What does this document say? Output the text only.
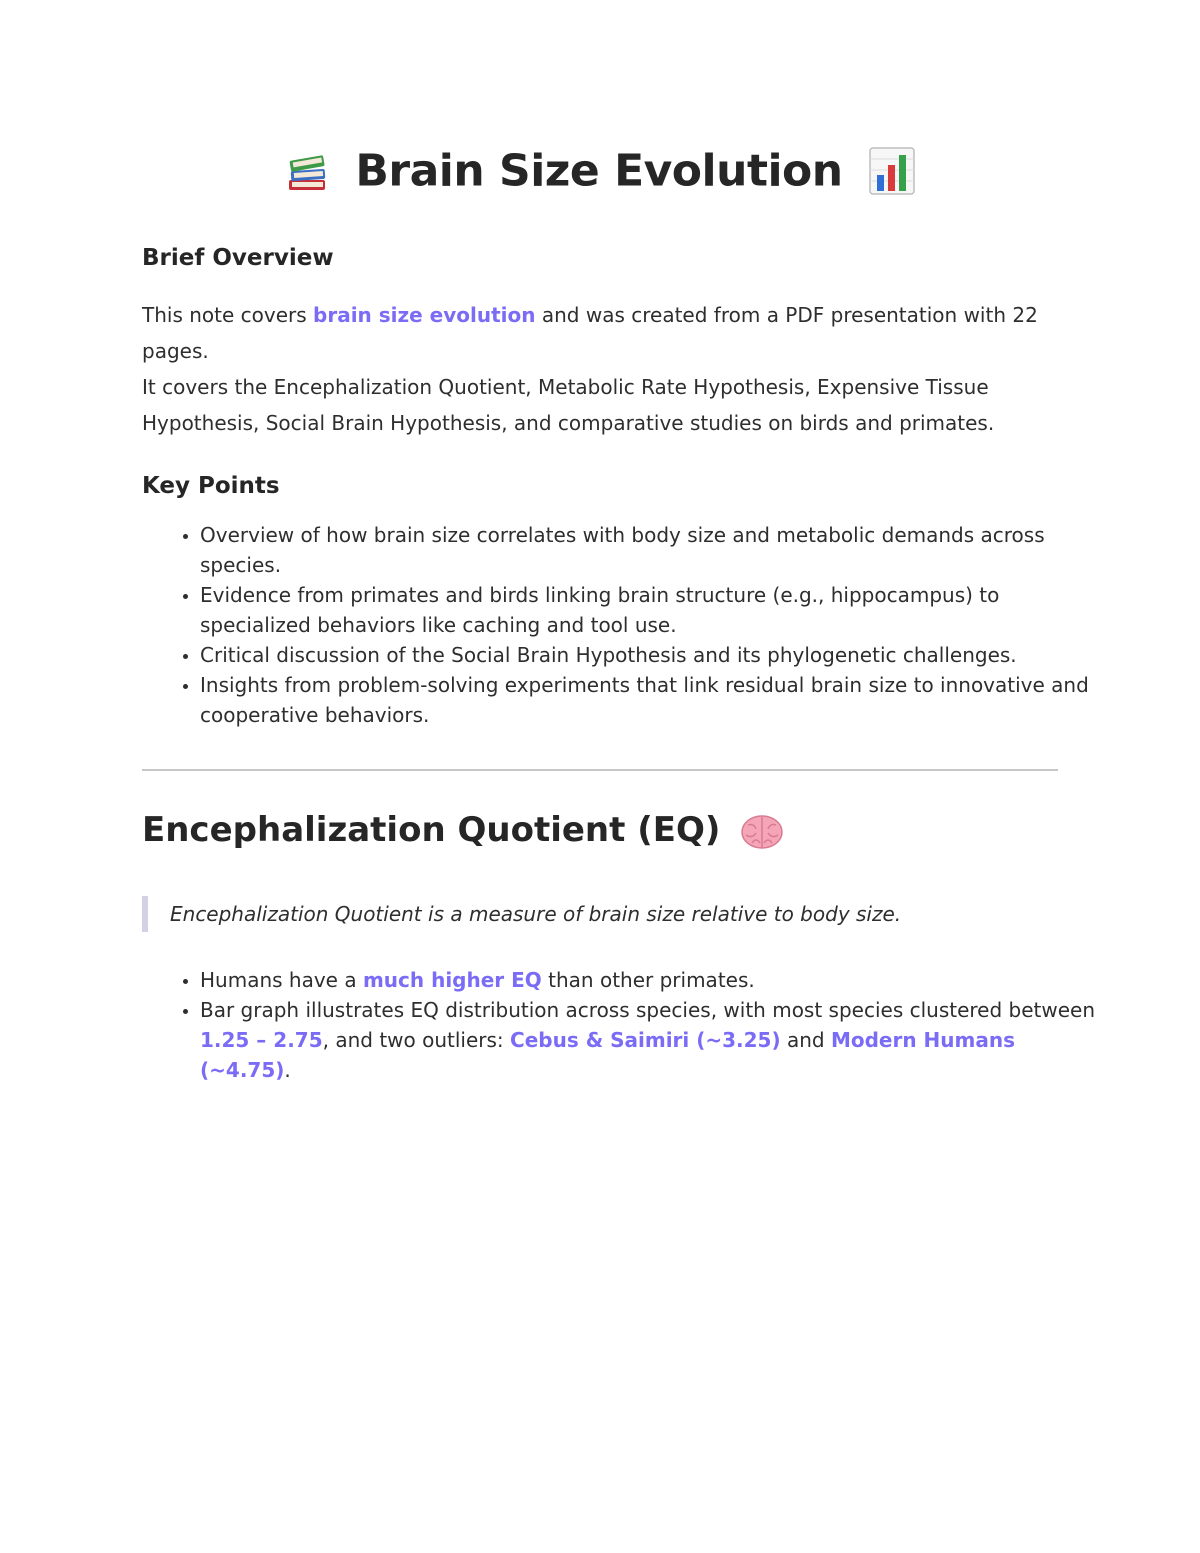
Brain Size Evolution
Brief Overview

This note covers brain size evolution and was created from a PDF presentation with 22 pages.
It covers the Encephalization Quotient, Metabolic Rate Hypothesis, Expensive Tissue Hypothesis, Social Brain Hypothesis, and comparative studies on birds and primates.

Key Points
• Overview of how brain size correlates with body size and metabolic demands across species.
• Evidence from primates and birds linking brain structure (e.g., hippocampus) to specialized behaviors like caching and tool use.
• Critical discussion of the Social Brain Hypothesis and its phylogenetic challenges.
• Insights from problem-solving experiments that link residual brain size to innovative and cooperative behaviors.
Encephalization Quotient (EQ)
Encephalization Quotient is a measure of brain size relative to body size.
• Humans have a much higher EQ than other primates.
• Bar graph illustrates EQ distribution across species, with most species clustered between 1.25 – 2.75, and two outliers: Cebus & Saimiri (~3.25) and Modern Humans (~4.75).
